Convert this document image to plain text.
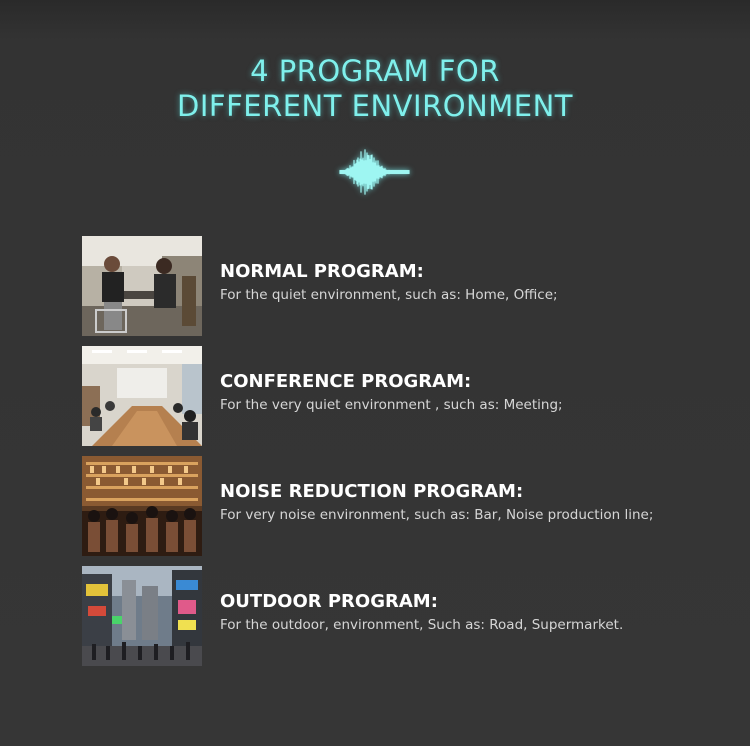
4 PROGRAM FOR
DIFFERENT ENVIRONMENT
NORMAL PROGRAM:
For the quiet environment, such as: Home, Office;
CONFERENCE PROGRAM:
For the very quiet environment , such as: Meeting;
NOISE REDUCTION PROGRAM:
For very noise environment, such as: Bar, Noise production line;
OUTDOOR PROGRAM:
For the outdoor, environment, Such as: Road, Supermarket.
